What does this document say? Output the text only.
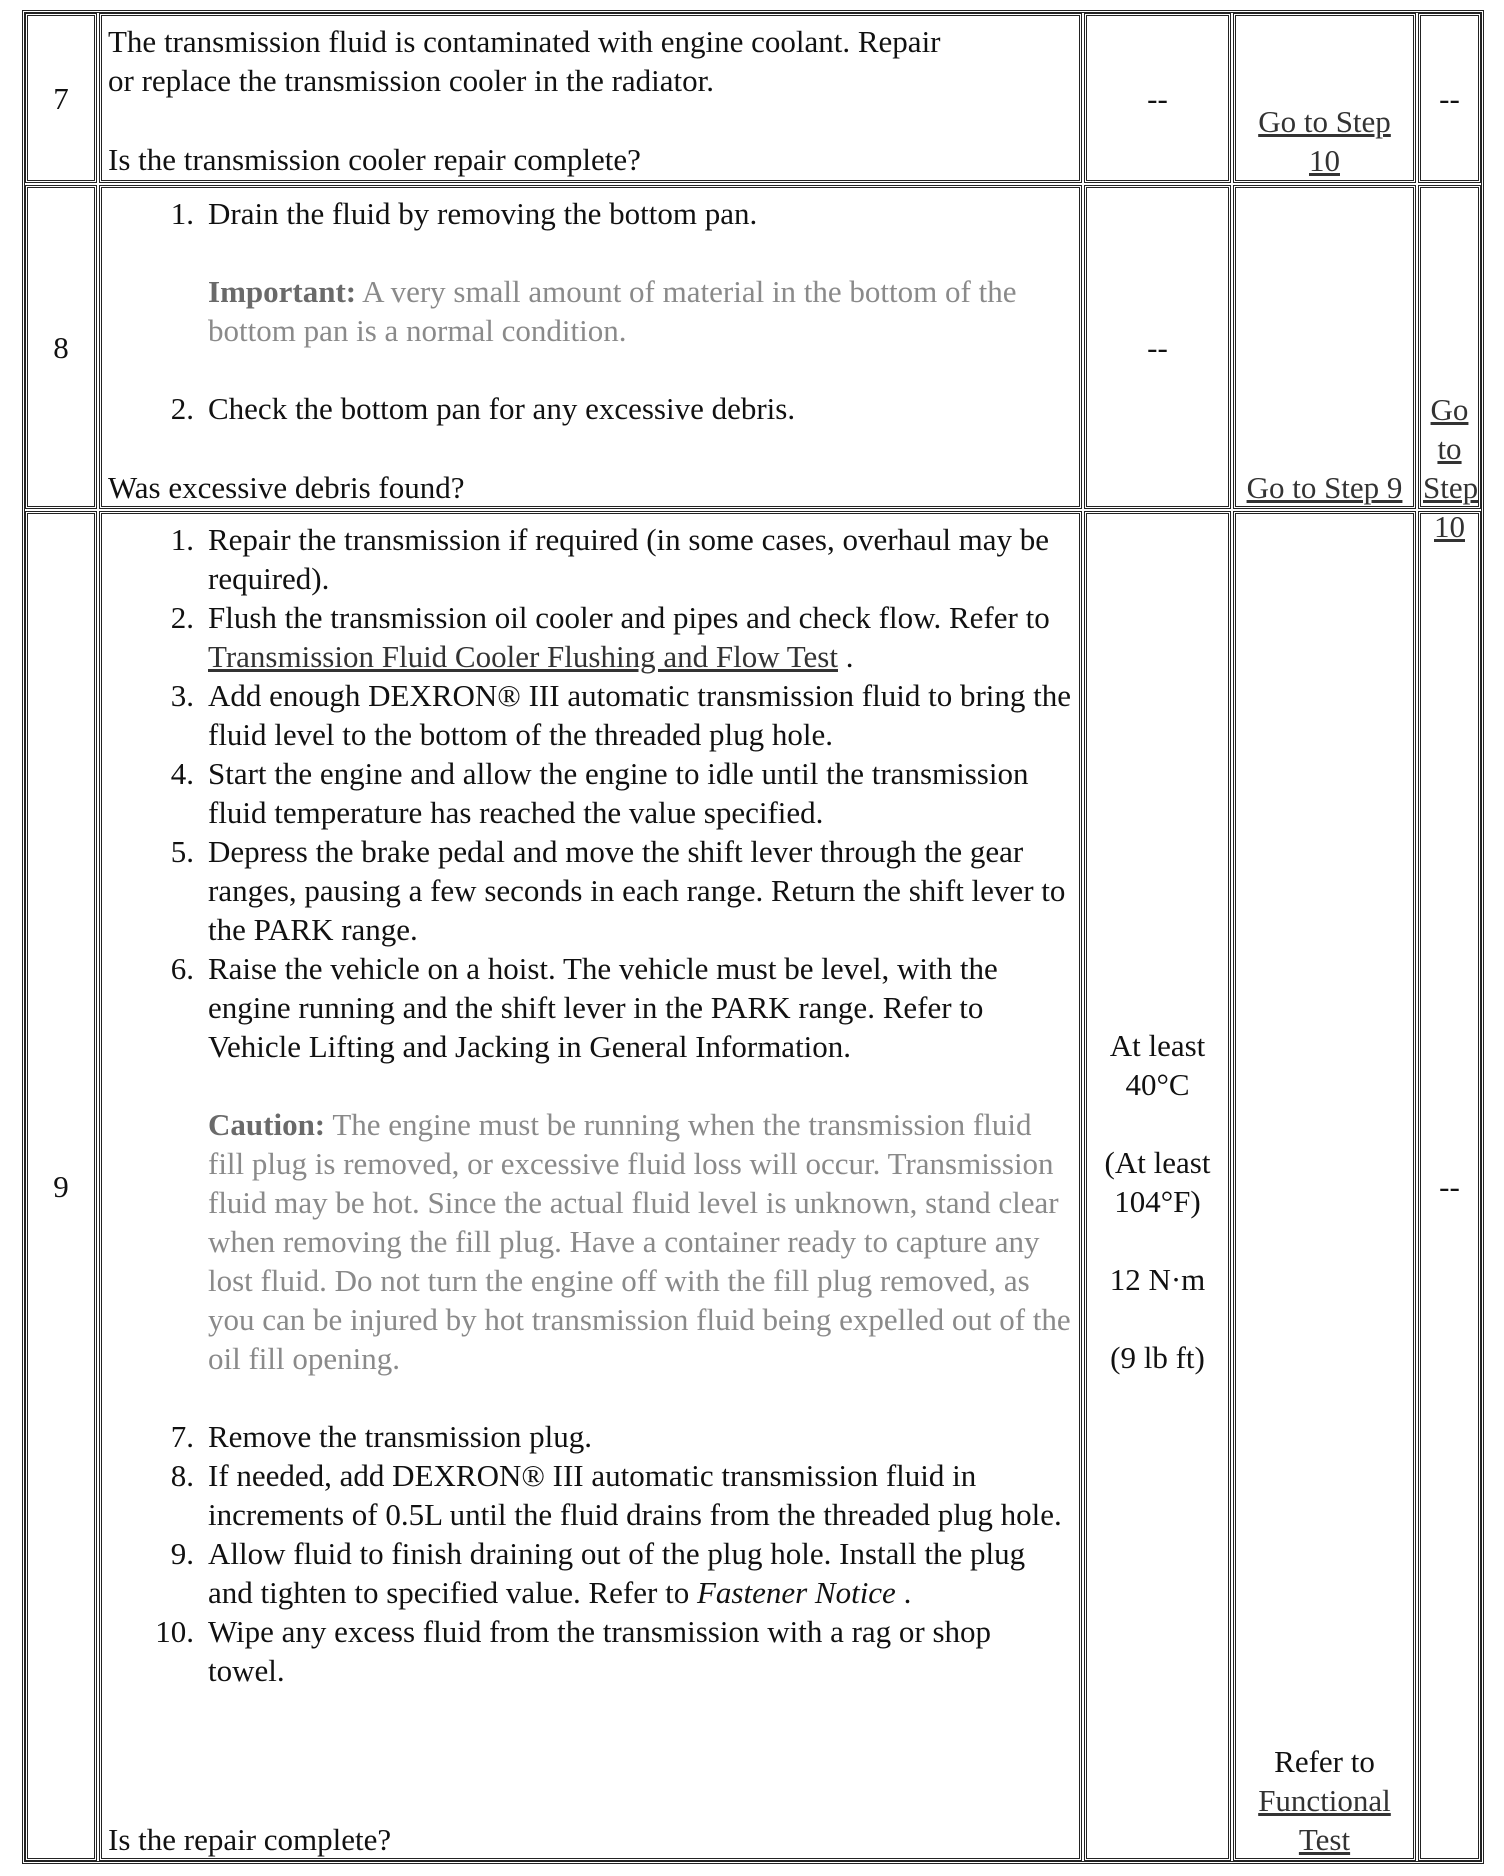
7
The transmission fluid is contaminated with engine coolant. Repair
or replace the transmission cooler in the radiator.
Is the transmission cooler repair complete?
--
Go to Step 10
--
8
1. Drain the fluid by removing the bottom pan.
Important: A very small amount of material in the bottom of the bottom pan is a normal condition.
2. Check the bottom pan for any excessive debris.
Was excessive debris found?
--
Go to Step 9
Go to Step 10
9
1. Repair the transmission if required (in some cases, overhaul may be required).
2. Flush the transmission oil cooler and pipes and check flow. Refer to Transmission Fluid Cooler Flushing and Flow Test .
3. Add enough DEXRON® III automatic transmission fluid to bring the fluid level to the bottom of the threaded plug hole.
4. Start the engine and allow the engine to idle until the transmission fluid temperature has reached the value specified.
5. Depress the brake pedal and move the shift lever through the gear ranges, pausing a few seconds in each range. Return the shift lever to the PARK range.
6. Raise the vehicle on a hoist. The vehicle must be level, with the engine running and the shift lever in the PARK range. Refer to Vehicle Lifting and Jacking in General Information.
Caution: The engine must be running when the transmission fluid fill plug is removed, or excessive fluid loss will occur. Transmission fluid may be hot. Since the actual fluid level is unknown, stand clear when removing the fill plug. Have a container ready to capture any lost fluid. Do not turn the engine off with the fill plug removed, as you can be injured by hot transmission fluid being expelled out of the oil fill opening.
7. Remove the transmission plug.
8. If needed, add DEXRON® III automatic transmission fluid in increments of 0.5L until the fluid drains from the threaded plug hole.
9. Allow fluid to finish draining out of the plug hole. Install the plug and tighten to specified value. Refer to Fastener Notice .
10. Wipe any excess fluid from the transmission with a rag or shop towel.
Is the repair complete?
At least 40°C
(At least 104°F)
12 N·m
(9 lb ft)
Refer to
Functional Test
--
